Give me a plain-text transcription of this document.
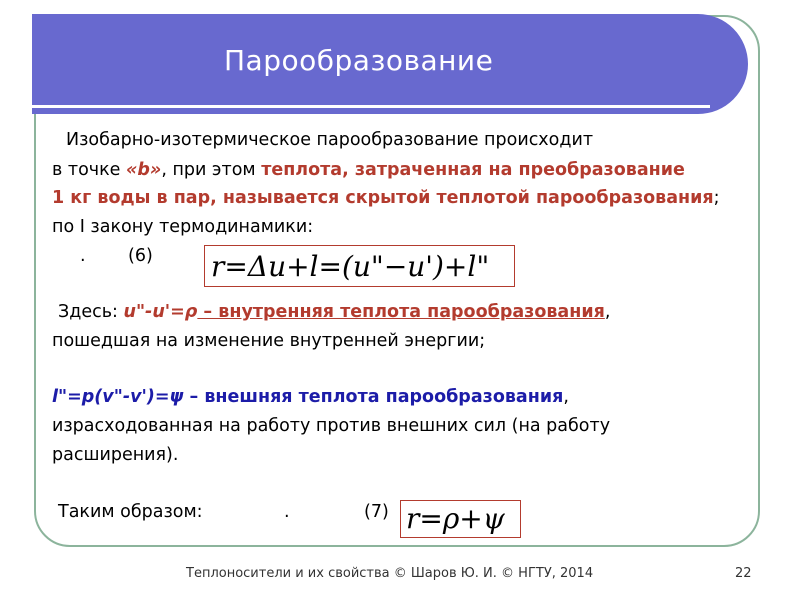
Парообразование
Изобарно-изотермическое парообразование происходит
в точке «b», при этом теплота, затраченная на преобразование
1 кг воды в пар, называется скрытой теплотой парообразования;
по I закону термодинамики:
. (6) r=Δu+l=(u"−u')+l"
Здесь: u"-u'=ρ – внутренняя теплота парообразования,
пошедшая на изменение внутренней энергии;
l"=p(v"-v')=ψ – внешняя теплота парообразования,
израсходованная на работу против внешних сил (на работу
расширения).
Таким образом:	.	(7) r=ρ+ψ
Теплоносители и их свойства © Шаров Ю. И. © НГТУ, 2014	22
